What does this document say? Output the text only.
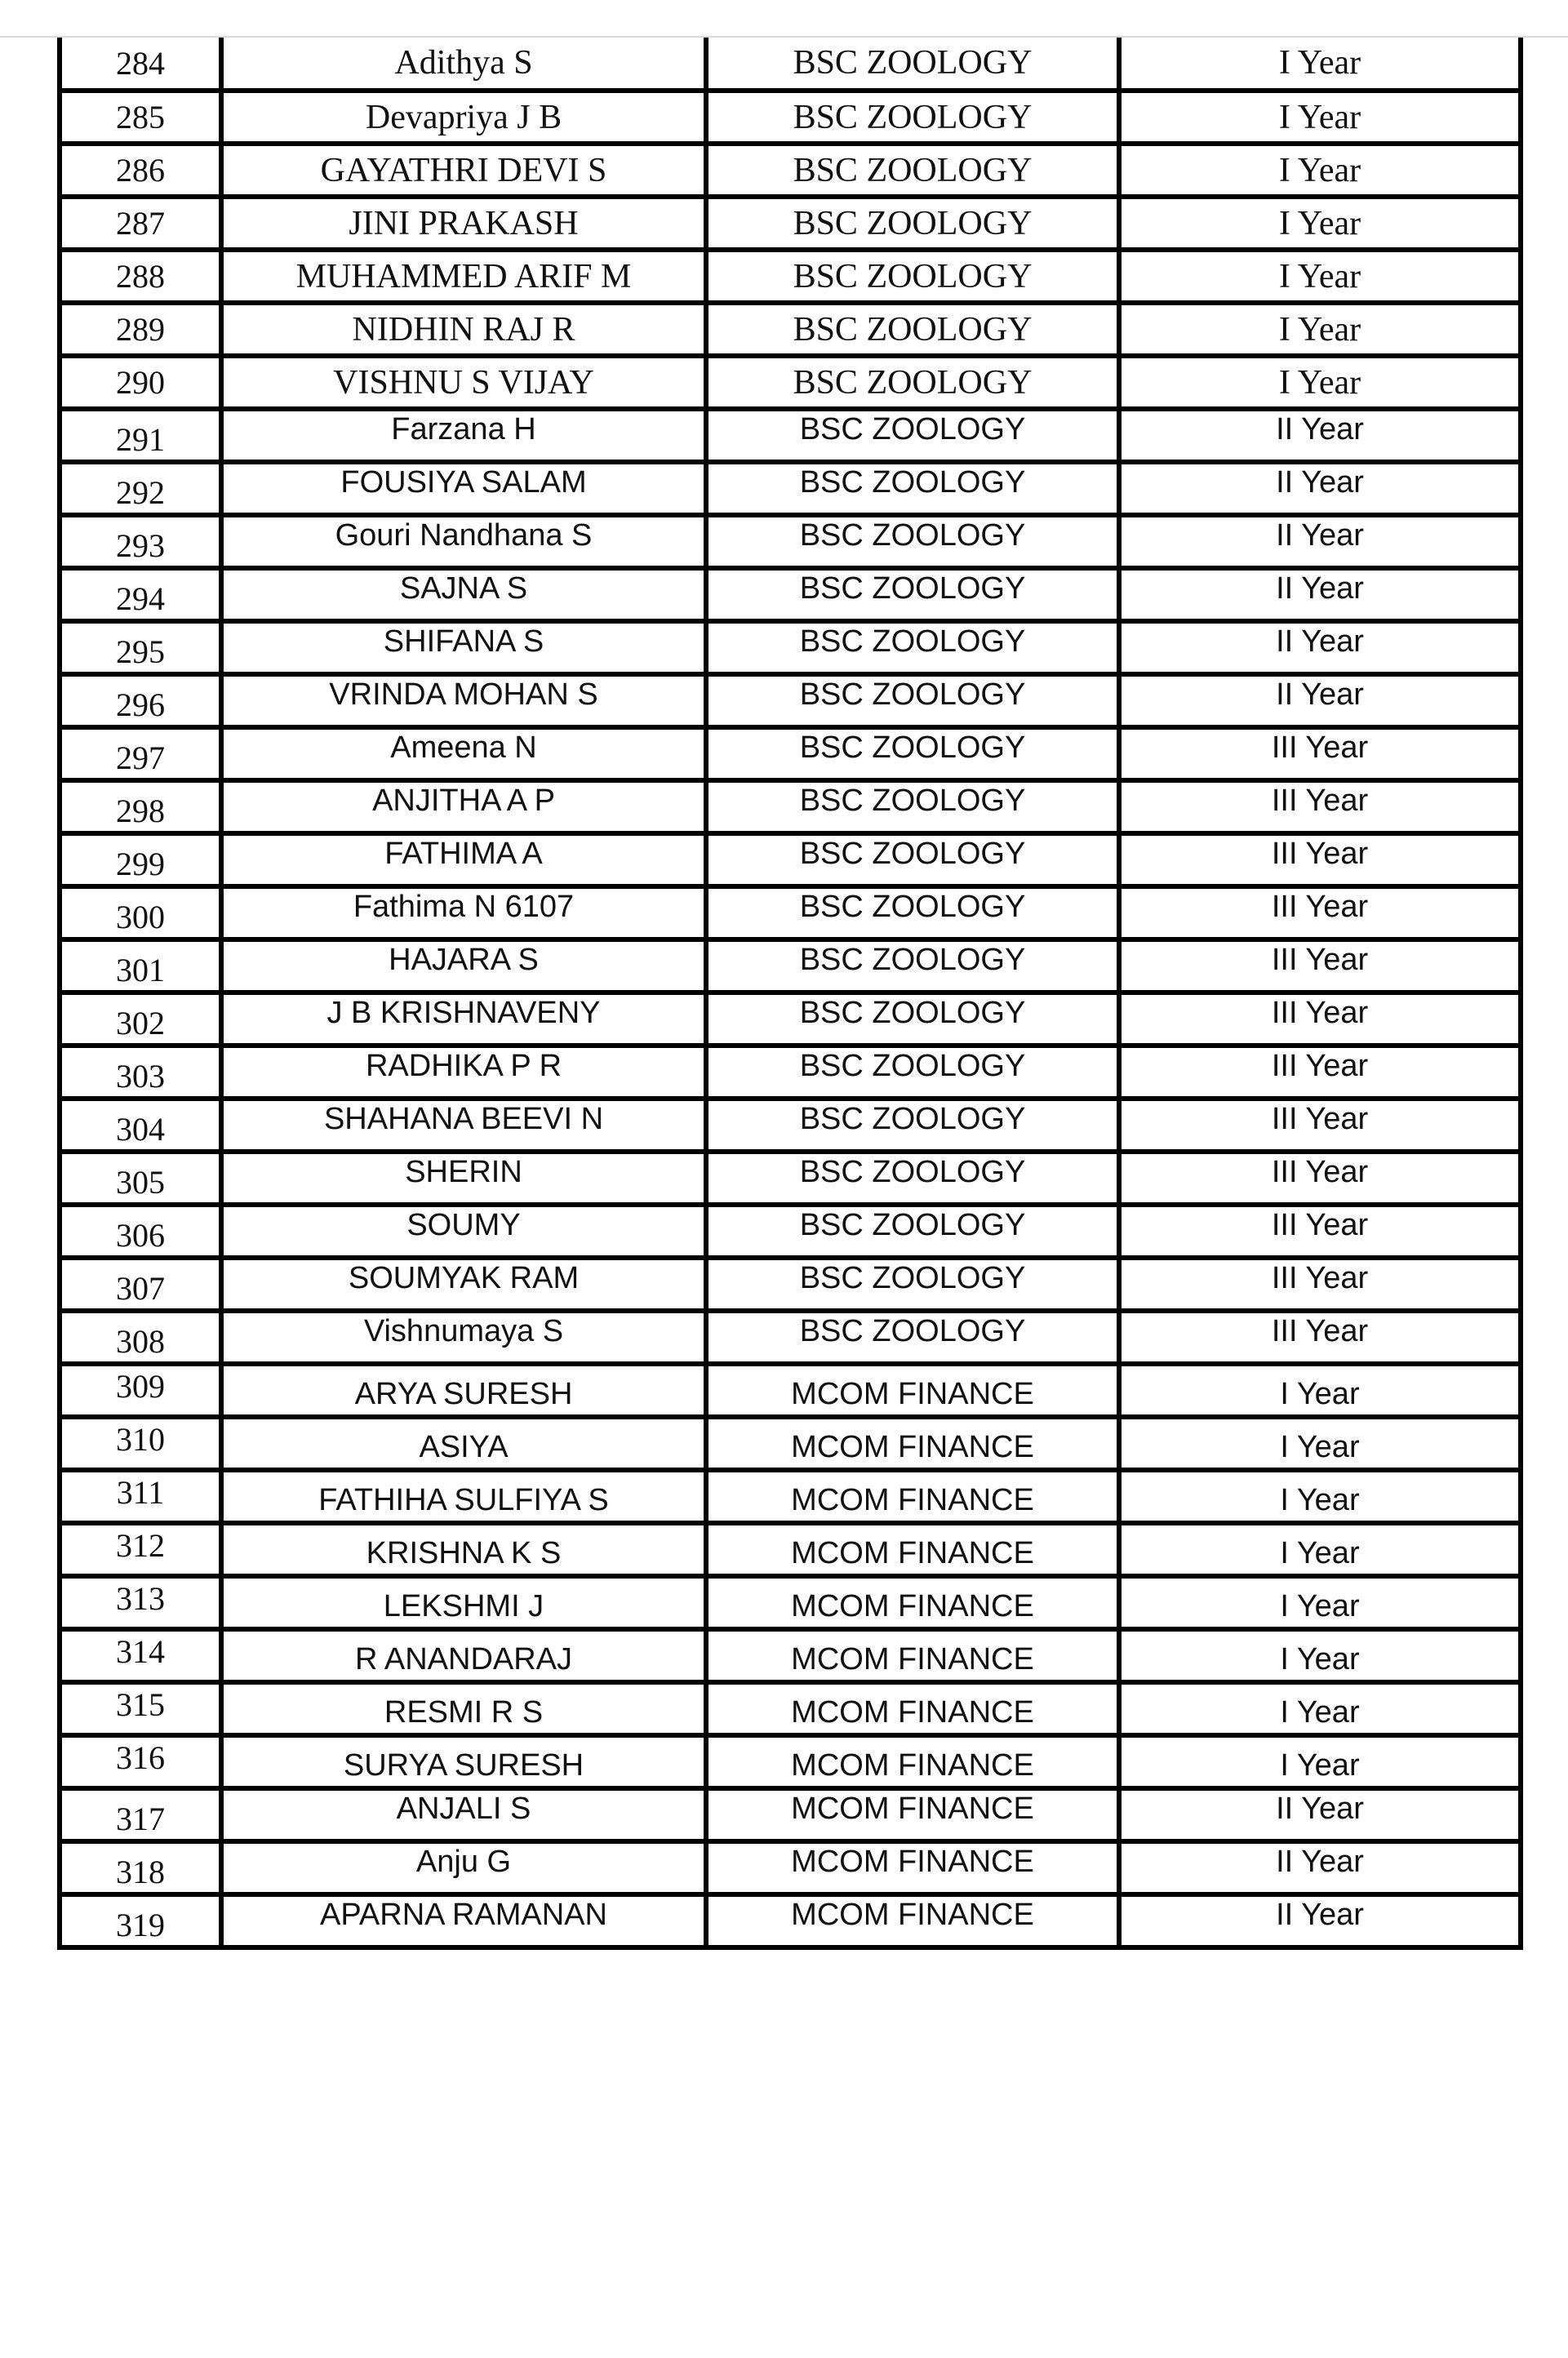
284	Adithya S	BSC ZOOLOGY	I Year
285	Devapriya J B	BSC ZOOLOGY	I Year
286	GAYATHRI DEVI S	BSC ZOOLOGY	I Year
287	JINI PRAKASH	BSC ZOOLOGY	I Year
288	MUHAMMED ARIF M	BSC ZOOLOGY	I Year
289	NIDHIN RAJ R	BSC ZOOLOGY	I Year
290	VISHNU S VIJAY	BSC ZOOLOGY	I Year
291	Farzana H	BSC ZOOLOGY	II Year
292	FOUSIYA SALAM	BSC ZOOLOGY	II Year
293	Gouri Nandhana S	BSC ZOOLOGY	II Year
294	SAJNA S	BSC ZOOLOGY	II Year
295	SHIFANA S	BSC ZOOLOGY	II Year
296	VRINDA MOHAN S	BSC ZOOLOGY	II Year
297	Ameena N	BSC ZOOLOGY	III Year
298	ANJITHA A P	BSC ZOOLOGY	III Year
299	FATHIMA A	BSC ZOOLOGY	III Year
300	Fathima N 6107	BSC ZOOLOGY	III Year
301	HAJARA S	BSC ZOOLOGY	III Year
302	J B KRISHNAVENY	BSC ZOOLOGY	III Year
303	RADHIKA P R	BSC ZOOLOGY	III Year
304	SHAHANA BEEVI N	BSC ZOOLOGY	III Year
305	SHERIN	BSC ZOOLOGY	III Year
306	SOUMY	BSC ZOOLOGY	III Year
307	SOUMYAK RAM	BSC ZOOLOGY	III Year
308	Vishnumaya S	BSC ZOOLOGY	III Year
309	ARYA SURESH	MCOM FINANCE	I Year
310	ASIYA	MCOM FINANCE	I Year
311	FATHIHA SULFIYA S	MCOM FINANCE	I Year
312	KRISHNA K S	MCOM FINANCE	I Year
313	LEKSHMI J	MCOM FINANCE	I Year
314	R ANANDARAJ	MCOM FINANCE	I Year
315	RESMI R S	MCOM FINANCE	I Year
316	SURYA SURESH	MCOM FINANCE	I Year
317	ANJALI S	MCOM FINANCE	II Year
318	Anju G	MCOM FINANCE	II Year
319	APARNA RAMANAN	MCOM FINANCE	II Year
